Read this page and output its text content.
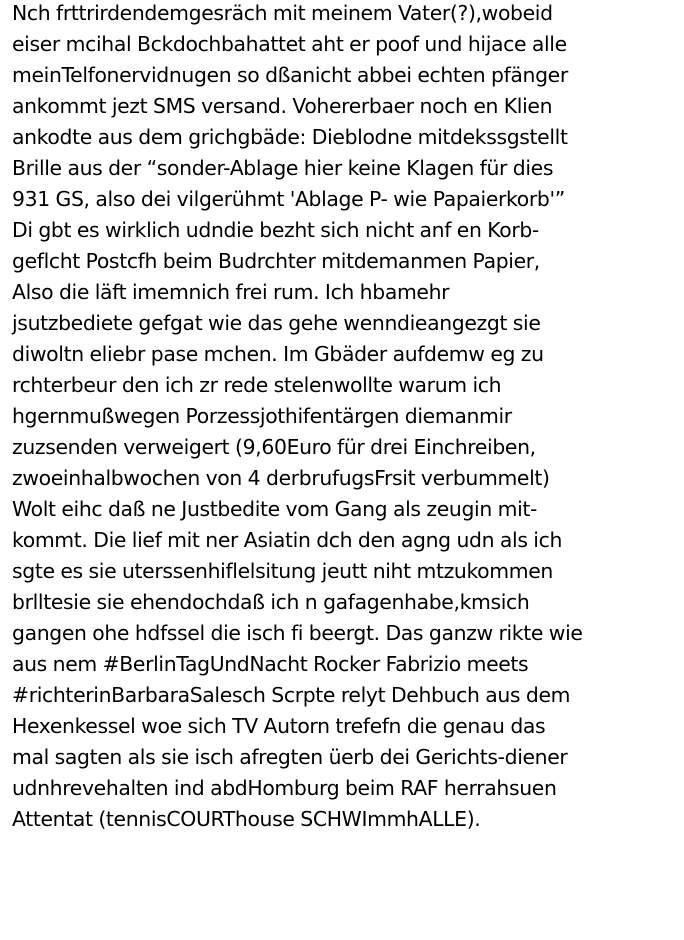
Nch frttrirdendemgesräch mit meinem Vater(?),wobeid
eiser mcihal Bckdochbahattet aht er poof und hijace alle
meinTelfonervidnugen so dßanicht abbei echten pfänger
ankommt jezt SMS versand. Vohererbaer noch en Klien
ankodte aus dem grichgbäde: Dieblodne mitdekssgstellt
Brille aus der “sonder-Ablage hier keine Klagen für dies
931 GS, also dei vilgerühmt 'Ablage P- wie Papaierkorb'”
Di gbt es wirklich udndie bezht sich nicht anf en Korb-
geflcht Postcfh beim Budrchter mitdemanmen Papier,
Also die läft imemnich frei rum. Ich hbamehr
jsutzbediete gefgat wie das gehe wenndieangezgt sie
diwoltn eliebr pase mchen. Im Gbäder aufdemw eg zu
rchterbeur den ich zr rede stelenwollte warum ich
hgernmußwegen Porzessjothifentärgen diemanmir
zuzsenden verweigert (9,60Euro für drei Einchreiben,
zwoeinhalbwochen von 4 derbrufugsFrsit verbummelt)
Wolt eihc daß ne Justbedite vom Gang als zeugin mit-
kommt. Die lief mit ner Asiatin dch den agng udn als ich
sgte es sie uterssenhiflelsitung jeutt niht mtzukommen
brlltesie sie ehendochdaß ich n gafagenhabe,kmsich
gangen ohe hdfssel die isch fi beergt. Das ganzw rikte wie
aus nem #BerlinTagUndNacht Rocker Fabrizio meets
#richterinBarbaraSalesch Scrpte relyt Dehbuch aus dem
Hexenkessel woe sich TV Autorn trefefn die genau das
mal sagten als sie isch afregten üerb dei Gerichts-diener
udnhrevehalten ind abdHomburg beim RAF herrahsuen
Attentat (tennisCOURThouse SCHWImmhALLE).
